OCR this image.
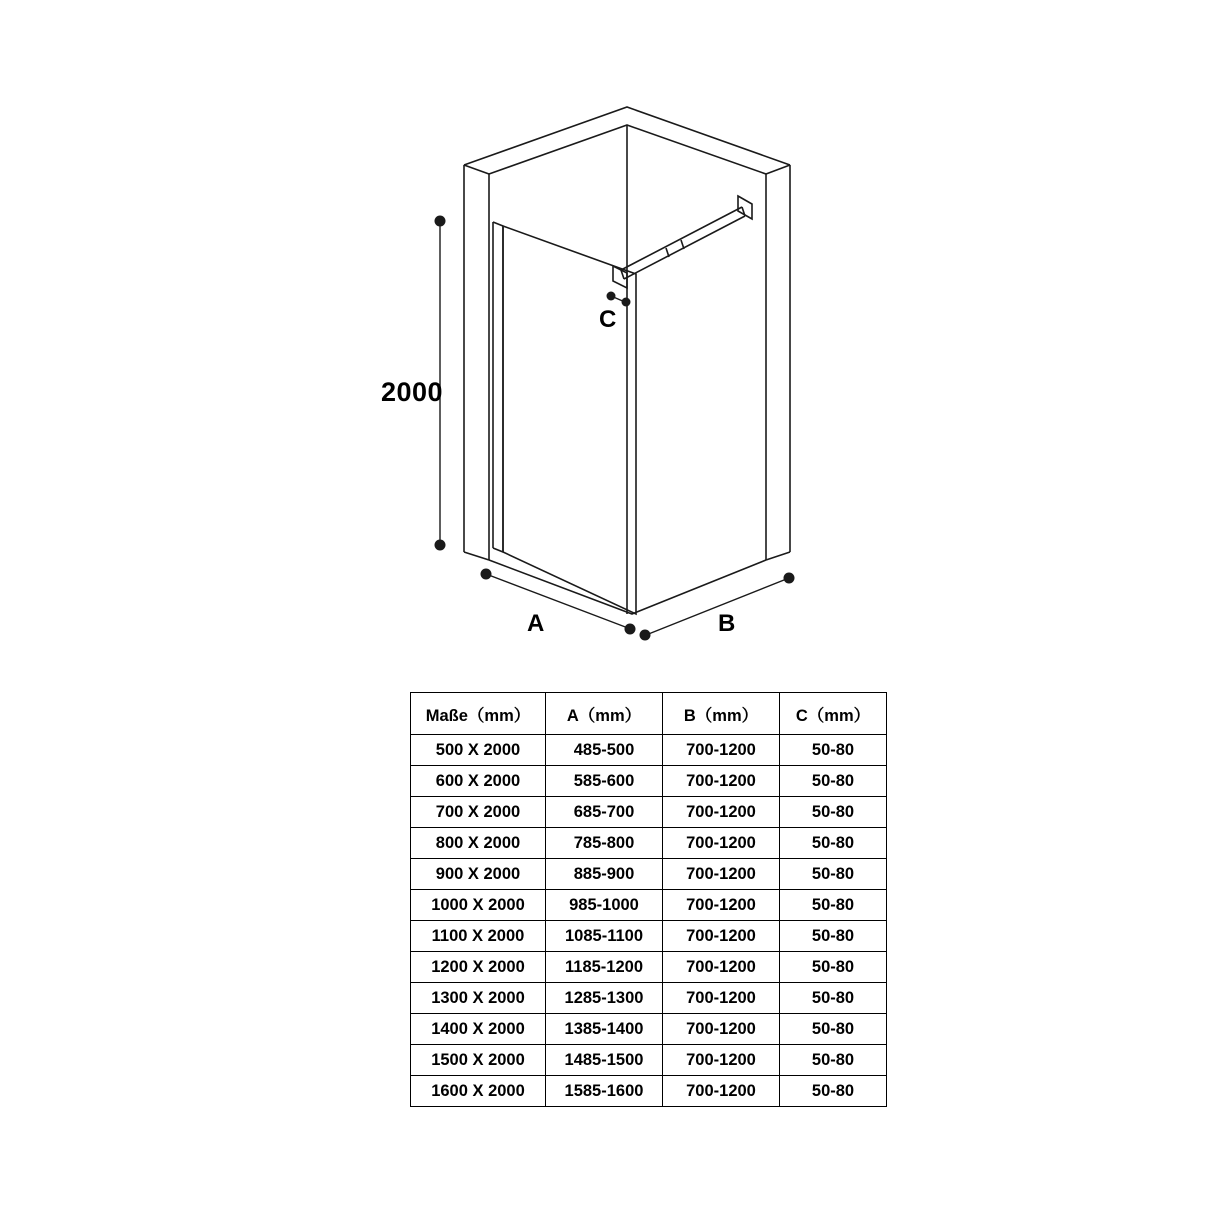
2000
A	B
C
Maße（mm）	A（mm）	B（mm）	C（mm）
500 X 2000	485-500	700-1200	50-80
600 X 2000	585-600	700-1200	50-80
700 X 2000	685-700	700-1200	50-80
800 X 2000	785-800	700-1200	50-80
900 X 2000	885-900	700-1200	50-80
1000 X 2000	985-1000	700-1200	50-80
1100 X 2000	1085-1100	700-1200	50-80
1200 X 2000	1185-1200	700-1200	50-80
1300 X 2000	1285-1300	700-1200	50-80
1400 X 2000	1385-1400	700-1200	50-80
1500 X 2000	1485-1500	700-1200	50-80
1600 X 2000	1585-1600	700-1200	50-80
